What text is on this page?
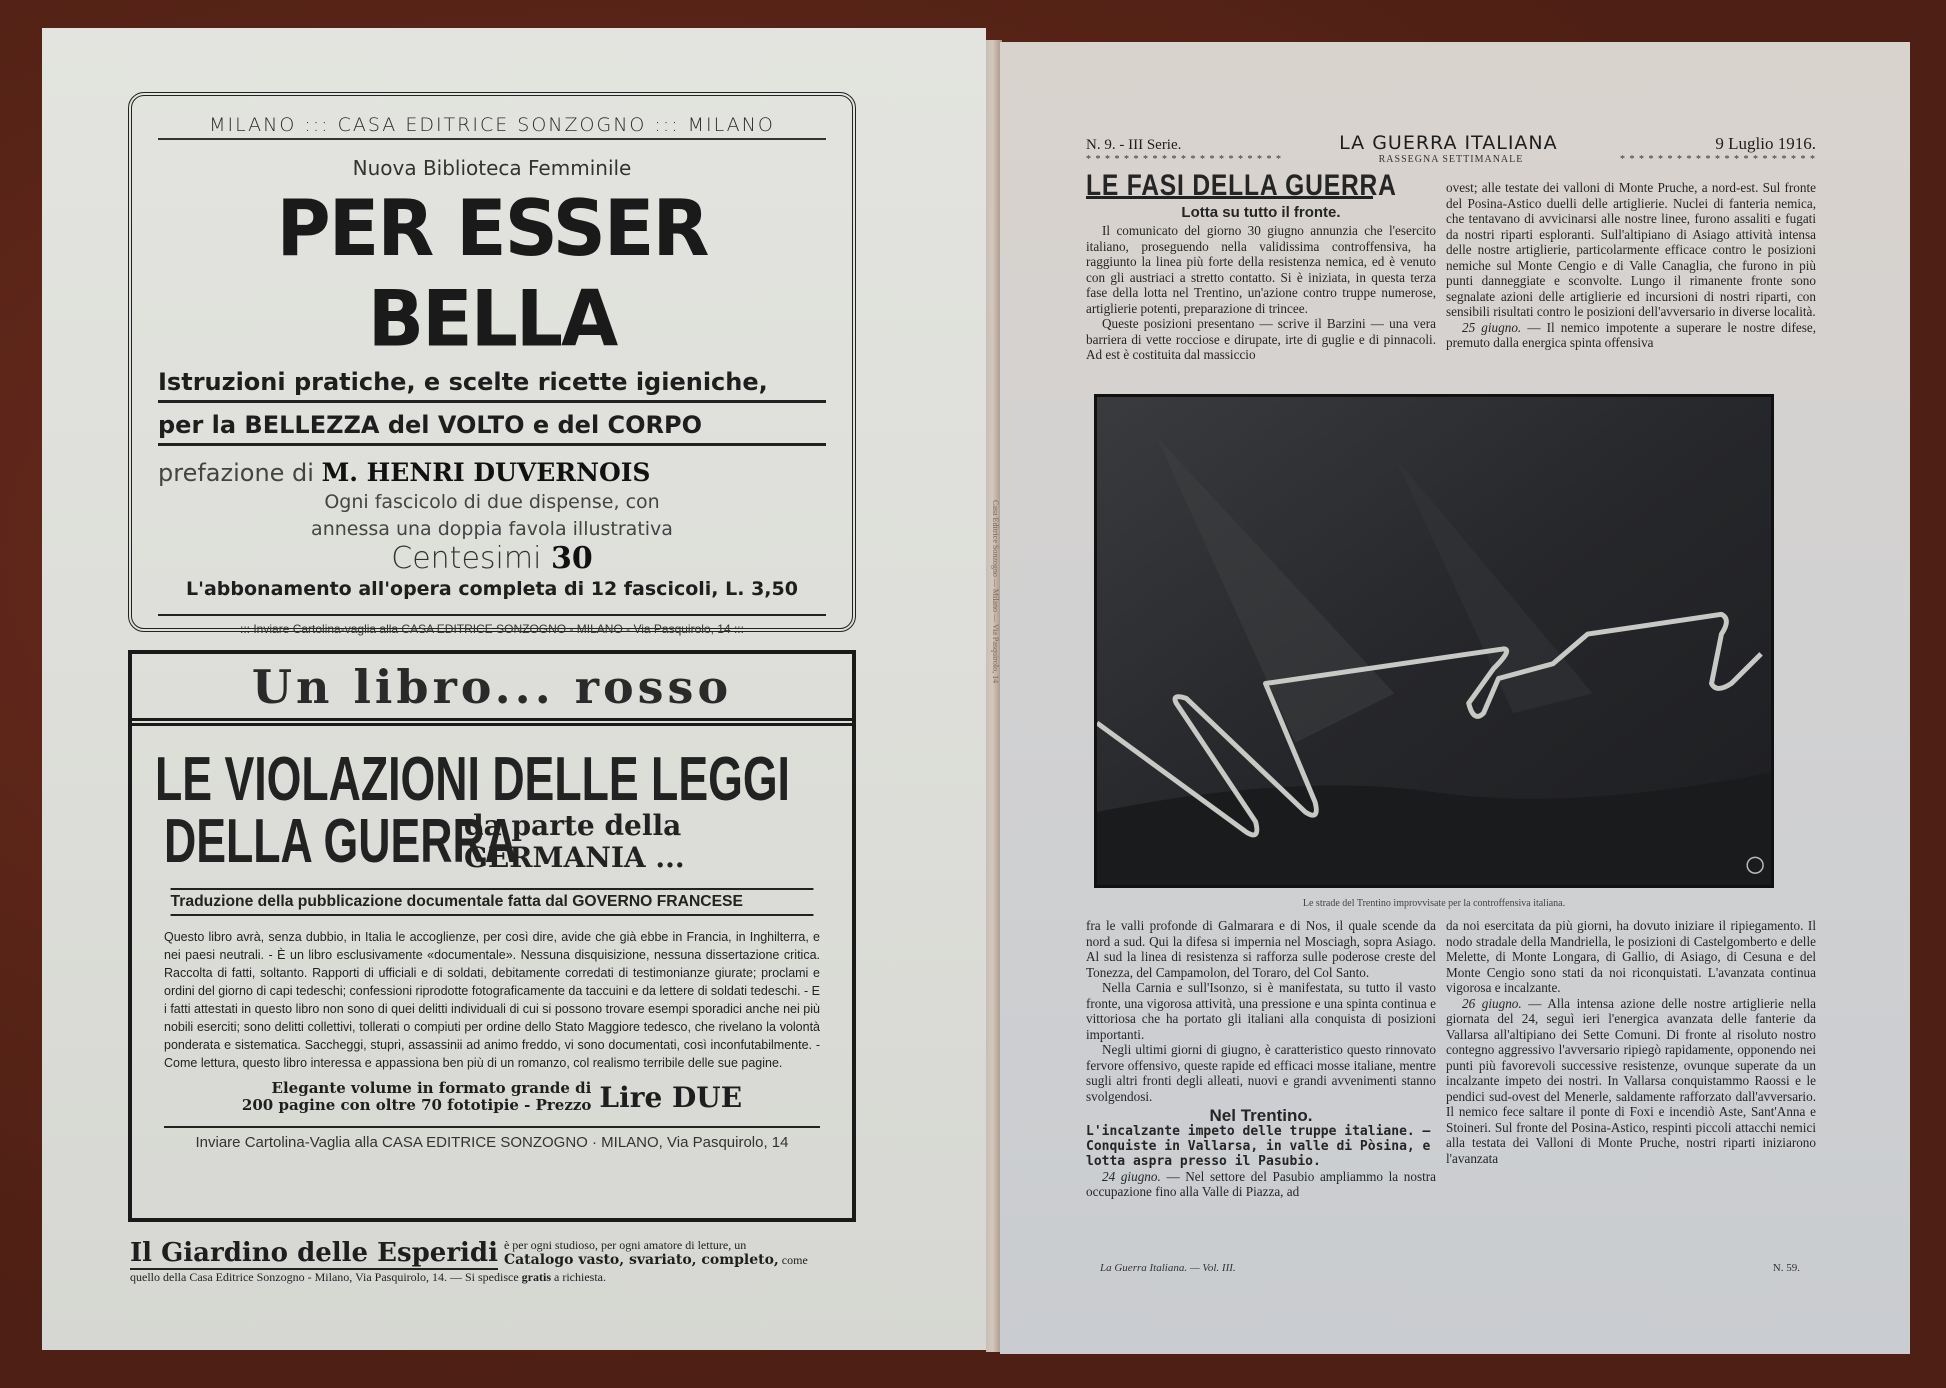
Casa Editrice Sonzogno — Milano — Via Pasquirolo, 14
MILANO ::: CASA EDITRICE SONZOGNO ::: MILANO
Nuova Biblioteca Femminile
PER ESSER BELLA
Istruzioni pratiche, e scelte ricette igieniche,
per la BELLEZZA del VOLTO e del CORPO
prefazione di M. HENRI DUVERNOIS
Ogni fascicolo di due dispense, con
annessa una doppia favola illustrativa
Centesimi 30
L'abbonamento all'opera completa di 12 fascicoli, L. 3,50
::: Inviare Cartolina-vaglia alla CASA EDITRICE SONZOGNO - MILANO - Via Pasquirolo, 14 :::
Un libro... rosso
LE VIOLAZIONI DELLE LEGGI
DELLA GUERRA
da parte della
GERMANIA ...
Traduzione della pubblicazione documentale fatta dal GOVERNO FRANCESE
Questo libro avrà, senza dubbio, in Italia le accoglienze, per così dire, avide che già ebbe in Francia, in Inghilterra, e nei paesi neutrali. - È un libro esclusivamente «documentale». Nessuna disquisizione, nessuna dissertazione critica. Raccolta di fatti, soltanto. Rapporti di ufficiali e di soldati, debitamente corredati di testimonianze giurate; proclami e ordini del giorno di capi tedeschi; confessioni riprodotte fotograficamente da taccuini e da lettere di soldati tedeschi. - E i fatti attestati in questo libro non sono di quei delitti individuali di cui si possono trovare esempi sporadici anche nei più nobili eserciti; sono delitti collettivi, tollerati o compiuti per ordine dello Stato Maggiore tedesco, che rivelano la volontà ponderata e sistematica. Saccheggi, stupri, assassinii ad animo freddo, vi sono documentati, così inconfutabilmente. - Come lettura, questo libro interessa e appassiona ben più di un romanzo, col realismo terribile delle sue pagine.
Elegante volume in formato grande di
200 pagine con oltre 70 fototipie - Prezzo Lire DUE
Inviare Cartolina-Vaglia alla CASA EDITRICE SONZOGNO · MILANO, Via Pasquirolo, 14
Il Giardino delle Esperidi è per ogni studioso, per ogni amatore di letture, un
Catalogo vasto, svariato, completo, come
quello della Casa Editrice Sonzogno - Milano, Via Pasquirolo, 14. — Si spedisce gratis a richiesta.
N. 9. - III Serie.	LA GUERRA ITALIANA	9 Luglio 1916.
* * * * * * * * * * * * * * * * * * * * *	RASSEGNA SETTIMANALE	* * * * * * * * * * * * * * * * * * * * *
LE FASI DELLA GUERRA
Lotta su tutto il fronte.

Il comunicato del giorno 30 giugno annunzia che l'esercito italiano, proseguendo nella validissima controffensiva, ha raggiunto la linea più forte della resistenza nemica, ed è venuto con gli austriaci a stretto contatto. Si è iniziata, in questa terza fase della lotta nel Trentino, un'azione contro truppe numerose, artiglierie potenti, preparazione di trincee.

Queste posizioni presentano — scrive il Barzini — una vera barriera di vette rocciose e dirupate, irte di guglie e di pinnacoli. Ad est è costituita dal massiccio

ovest; alle testate dei valloni di Monte Pruche, a nord-est. Sul fronte del Posina-Astico duelli delle artiglierie. Nuclei di fanteria nemica, che tentavano di avvicinarsi alle nostre linee, furono assaliti e fugati da nostri riparti esploranti. Sull'altipiano di Asiago attività intensa delle nostre artiglierie, particolarmente efficace contro le posizioni nemiche sul Monte Cengio e di Valle Canaglia, che furono in più punti danneggiate e sconvolte. Lungo il rimanente fronte sono segnalate azioni delle artiglierie ed incursioni di nostri riparti, con sensibili risultati contro le posizioni dell'avversario in diverse località.

25 giugno. — Il nemico impotente a superare le nostre difese, premuto dalla energica spinta offensiva

Le strade del Trentino improvvisate per la controffensiva italiana.

fra le valli profonde di Galmarara e di Nos, il quale scende da nord a sud. Qui la difesa si impernia nel Mosciagh, sopra Asiago. Al sud la linea di resistenza si rafforza sulle poderose creste del Tonezza, del Campamolon, del Toraro, del Col Santo.

Nella Carnia e sull'Isonzo, si è manifestata, su tutto il vasto fronte, una vigorosa attività, una pressione e una spinta continua e vittoriosa che ha portato gli italiani alla conquista di posizioni importanti.

Negli ultimi giorni di giugno, è caratteristico questo rinnovato fervore offensivo, queste rapide ed efficaci mosse italiane, mentre sugli altri fronti degli alleati, nuovi e grandi avvenimenti stanno svolgendosi.

Nel Trentino.
L'incalzante impeto delle truppe italiane. — Conquiste in Vallarsa, in valle di Pòsina, e lotta aspra presso il Pasubio.

24 giugno. — Nel settore del Pasubio ampliammo la nostra occupazione fino alla Valle di Piazza, ad

da noi esercitata da più giorni, ha dovuto iniziare il ripiegamento. Il nodo stradale della Mandriella, le posizioni di Castelgomberto e delle Melette, di Monte Longara, di Gallio, di Asiago, di Cesuna e del Monte Cengio sono stati da noi riconquistati. L'avanzata continua vigorosa e incalzante.

26 giugno. — Alla intensa azione delle nostre artiglierie nella giornata del 24, seguì ieri l'energica avanzata delle fanterie da Vallarsa all'altipiano dei Sette Comuni. Di fronte al risoluto nostro contegno aggressivo l'avversario ripiegò rapidamente, opponendo nei punti più favorevoli successive resistenze, ovunque superate da un incalzante impeto dei nostri. In Vallarsa conquistammo Raossi e le pendici sud-ovest del Menerle, saldamente rafforzato dall'avversario. Il nemico fece saltare il ponte di Foxi e incendiò Aste, Sant'Anna e Stoineri. Sul fronte del Posina-Astico, respinti piccoli attacchi nemici alla testata dei Valloni di Monte Pruche, nostri riparti iniziarono l'avanzata

La Guerra Italiana. — Vol. III.	N. 59.
